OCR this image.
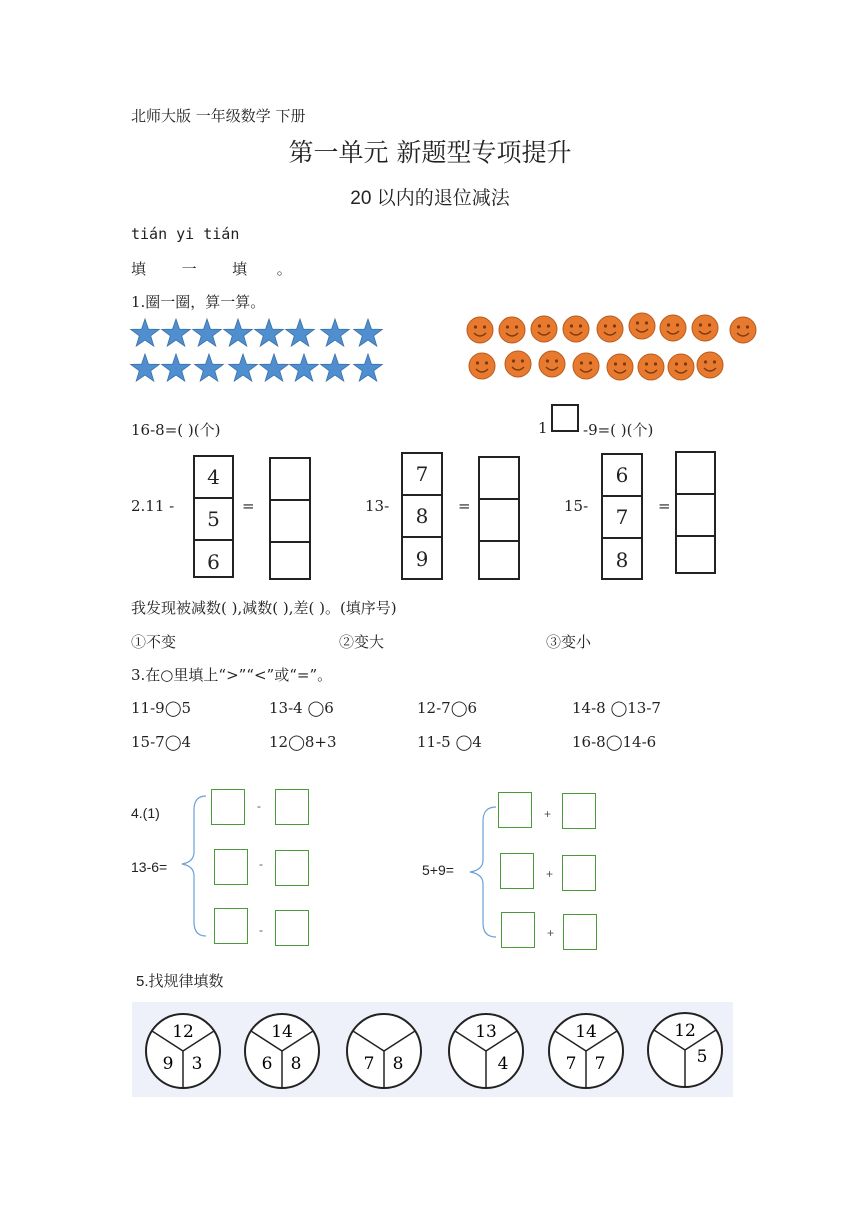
北师大版 一年级数学 下册
第一单元 新题型专项提升
20 以内的退位减法
tián yi tián
填 一 填 。
1.圈一圈，算一算。
16-8=( )(个)	1 -9=( )(个)
2.11 -
4
5
6
=	13-
7
8
9
=	15-
6
7
8
=
我发现被减数( ),减数( ),差( )。(填序号)
①不变	②变大	③变小
3.在○里填上“>”“<”或“=”。
11-9◯5	13-4 ◯6	12-7◯6	14-8 ◯13-7
15-7◯4	12◯8+3	11-5 ◯4	16-8◯14-6
4.(1)
13-6=
-
-
-
5+9=
+
+
+
5.找规律填数
12
9 3
14
6 8	7 8
13
4
14
7 7
12
5
